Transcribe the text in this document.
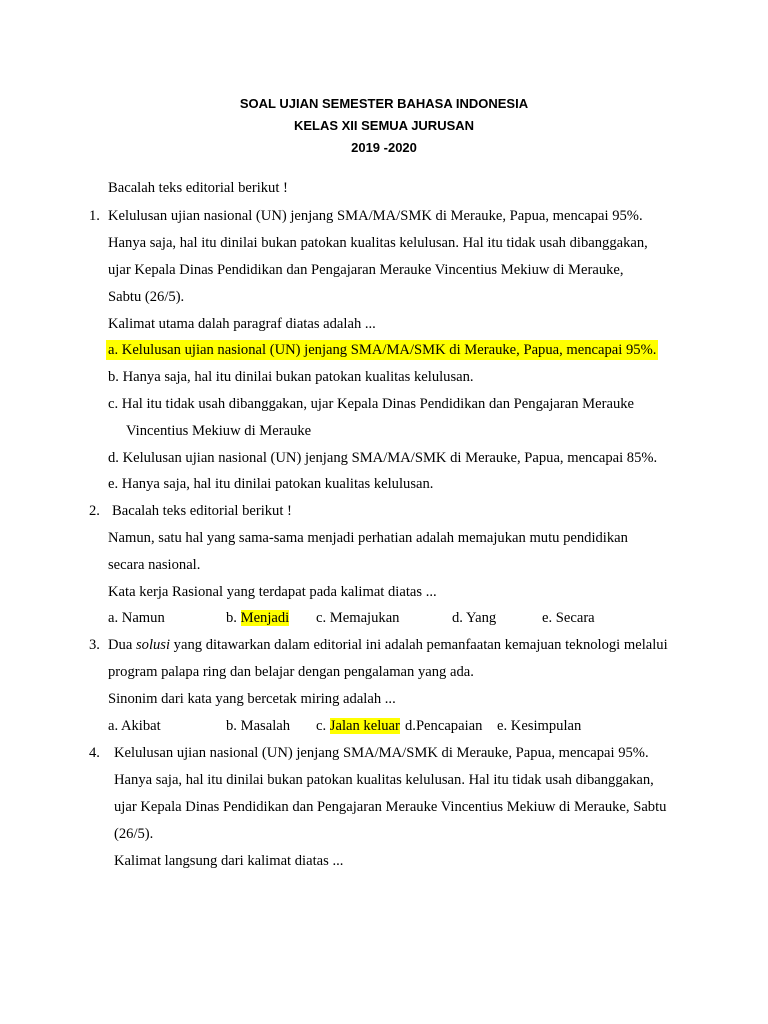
SOAL UJIAN SEMESTER BAHASA INDONESIA
KELAS XII SEMUA JURUSAN
2019 -2020
Bacalah teks editorial berikut !
1. Kelulusan ujian nasional (UN) jenjang SMA/MA/SMK di Merauke, Papua, mencapai 95%.
Hanya saja, hal itu dinilai bukan patokan kualitas kelulusan. Hal itu tidak usah dibanggakan,
ujar Kepala Dinas Pendidikan dan Pengajaran Merauke Vincentius Mekiuw di Merauke,
Sabtu (26/5).
Kalimat utama dalah paragraf diatas adalah ...
a. Kelulusan ujian nasional (UN) jenjang SMA/MA/SMK di Merauke, Papua, mencapai 95%.
b. Hanya saja, hal itu dinilai bukan patokan kualitas kelulusan.
c. Hal itu tidak usah dibanggakan, ujar Kepala Dinas Pendidikan dan Pengajaran Merauke
Vincentius Mekiuw di Merauke
d. Kelulusan ujian nasional (UN) jenjang SMA/MA/SMK di Merauke, Papua, mencapai 85%.
e. Hanya saja, hal itu dinilai patokan kualitas kelulusan.
2. Bacalah teks editorial berikut !
Namun, satu hal yang sama-sama menjadi perhatian adalah memajukan mutu pendidikan
secara nasional.
Kata kerja Rasional yang terdapat pada kalimat diatas ...
a. Namun	b. Menjadi c. Memajukan	d. Yang	e. Secara
3. Dua solusi yang ditawarkan dalam editorial ini adalah pemanfaatan kemajuan teknologi melalui
program palapa ring dan belajar dengan pengalaman yang ada.
Sinonim dari kata yang bercetak miring adalah ...
a. Akibat	b. Masalah c. Jalan keluar d.Pencapaian e. Kesimpulan
4. Kelulusan ujian nasional (UN) jenjang SMA/MA/SMK di Merauke, Papua, mencapai 95%.
Hanya saja, hal itu dinilai bukan patokan kualitas kelulusan. Hal itu tidak usah dibanggakan,
ujar Kepala Dinas Pendidikan dan Pengajaran Merauke Vincentius Mekiuw di Merauke, Sabtu
(26/5).
Kalimat langsung dari kalimat diatas ...
